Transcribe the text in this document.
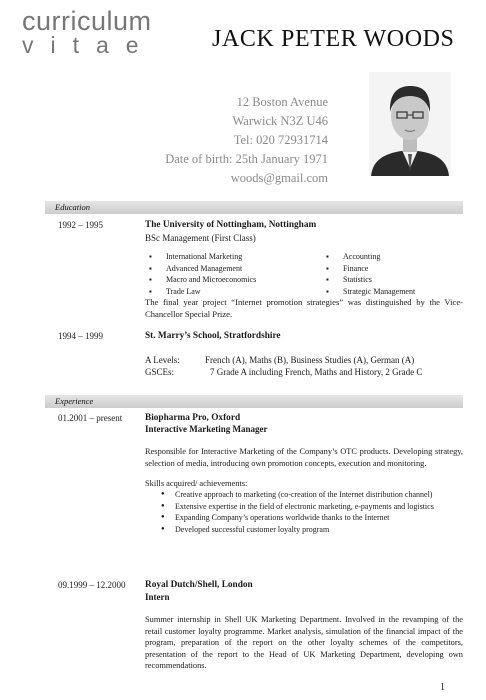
curriculum
vitae JACK PETER WOODS
12 Boston Avenue
Warwick N3Z U46
Tel: 020 72931714
Date of birth: 25th January 1971
woods@gmail.com
Education
1992 – 1995	The University of Nottingham, Nottingham
BSc Management (First Class)
▪ International Marketing
▪ Advanced Management
▪ Macro and Microeconomics
▪ Trade Law
▪ Accounting
▪ Finance
▪ Statistics
▪ Strategic Management
The final year project “Internet promotion strategies” was distinguished by the Vice-Chancellor Special Prize.
1994 – 1999	St. Marry’s School, Stratfordshire
A Levels:	French (A), Maths (B), Business Studies (A), German (A)
GSCEs:	7 Grade A including French, Maths and History, 2 Grade C
Experience
01.2001 – present Biopharma Pro, Oxford
Interactive Marketing Manager
Responsible for Interactive Marketing of the Company’s OTC products. Developing strategy, selection of media, introducing own promotion concepts, execution and monitoring.
Skills acquired/ achievements:
● Creative approach to marketing (co-creation of the Internet distribution channel)
● Extensive expertise in the field of electronic marketing, e-payments and logistics
● Expanding Company’s operations worldwide thanks to the Internet
● Developed successful customer loyalty program
09.1999 – 12.2000 Royal Dutch/Shell, London
Intern
Summer internship in Shell UK Marketing Department. Involved in the revamping of the retail customer loyalty programme. Market analysis, simulation of the financial impact of the program, preparation of the report on the other loyalty schemes of the competitors, presentation of the report to the Head of UK Marketing Department, developing own recommendations.
1
